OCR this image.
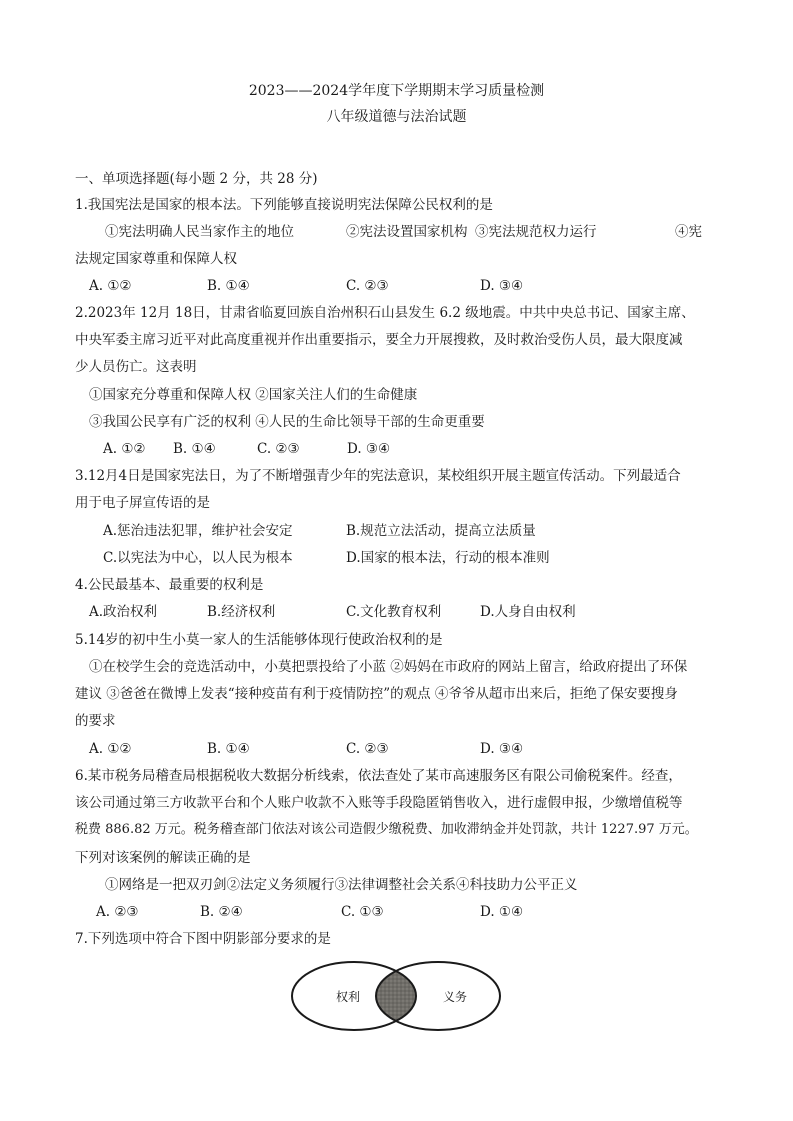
2023——2024学年度下学期期末学习质量检测
八年级道德与法治试题
一、单项选择题(每小题 2 分，共 28 分)
1.我国宪法是国家的根本法。下列能够直接说明宪法保障公民权利的是
①宪法明确人民当家作主的地位	②宪法设置国家机构 ③宪法规范权力运行	④宪
法规定国家尊重和保障人权
A. ①②	B. ①④	C. ②③	D. ③④
2.2023年 12月 18日，甘肃省临夏回族自治州积石山县发生 6.2 级地震。中共中央总书记、国家主席、
中央军委主席习近平对此高度重视并作出重要指示，要全力开展搜救，及时救治受伤人员，最大限度减
少人员伤亡。这表明
①国家充分尊重和保障人权 ②国家关注人们的生命健康
③我国公民享有广泛的权利 ④人民的生命比领导干部的生命更重要
A. ①② B. ①④	C. ②③	D. ③④
3.12月4日是国家宪法日，为了不断增强青少年的宪法意识，某校组织开展主题宣传活动。下列最适合
用于电子屏宣传语的是
A.惩治违法犯罪，维护社会安定	B.规范立法活动，提高立法质量
C.以宪法为中心，以人民为根本	D.国家的根本法，行动的根本准则
4.公民最基本、最重要的权利是
A.政治权利	B.经济权利	C.文化教育权利	D.人身自由权利
5.14岁的初中生小莫一家人的生活能够体现行使政治权利的是
①在校学生会的竞选活动中，小莫把票投给了小蓝 ②妈妈在市政府的网站上留言，给政府提出了环保
建议 ③爸爸在微博上发表“接种疫苗有利于疫情防控”的观点 ④爷爷从超市出来后，拒绝了保安要搜身
的要求
A. ①②	B. ①④	C. ②③	D. ③④
6.某市税务局稽查局根据税收大数据分析线索，依法查处了某市高速服务区有限公司偷税案件。经查，
该公司通过第三方收款平台和个人账户收款不入账等手段隐匿销售收入，进行虚假申报，少缴增值税等
税费 886.82 万元。税务稽查部门依法对该公司造假少缴税费、加收滞纳金并处罚款，共计 1227.97 万元。
下列对该案例的解读正确的是
①网络是一把双刃剑②法定义务须履行③法律调整社会关系④科技助力公平正义
A. ②③	B. ②④	C. ①③	D. ①④
7.下列选项中符合下图中阴影部分要求的是
权利	义务
